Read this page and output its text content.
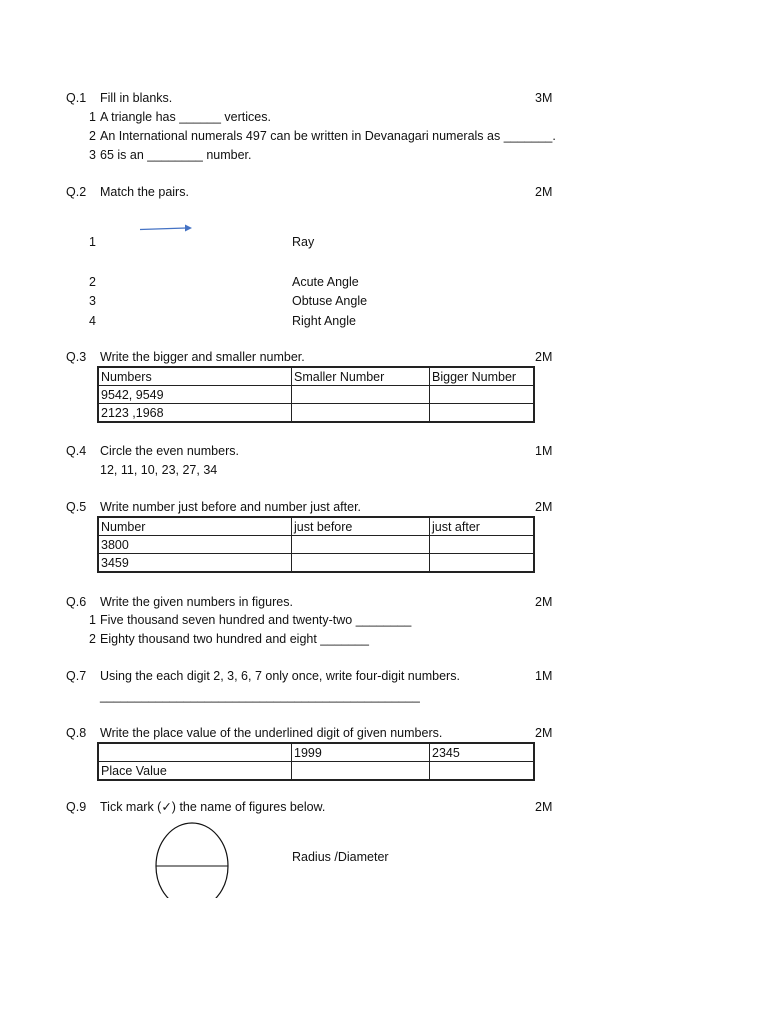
Q.1 Fill in blanks.	3M
1 A triangle has ______ vertices.
2 An International numerals 497 can be written in Devanagari numerals as _______.
3 65 is an ________ number.
Q.2 Match the pairs.	2M
1	Ray
2	Acute Angle
3	Obtuse Angle
4	Right Angle
Q.3 Write the bigger and smaller number.	2M
Numbers	Smaller Number	Bigger Number
9542, 9549		
2123 ,1968		
Q.4 Circle the even numbers.	1M
12, 11, 10, 23, 27, 34
Q.5 Write number just before and number just after.	2M
Number	just before	just after
3800		
3459		
Q.6 Write the given numbers in figures.	2M
1 Five thousand seven hundred and twenty-two ________
2 Eighty thousand two hundred and eight _______
Q.7 Using the each digit 2, 3, 6, 7 only once, write four-digit numbers.	1M
______________________________________________
Q.8 Write the place value of the underlined digit of given numbers.	2M
	1999	2345
Place Value		
Q.9 Tick mark (✓) the name of figures below.	2M
Radius /Diameter
